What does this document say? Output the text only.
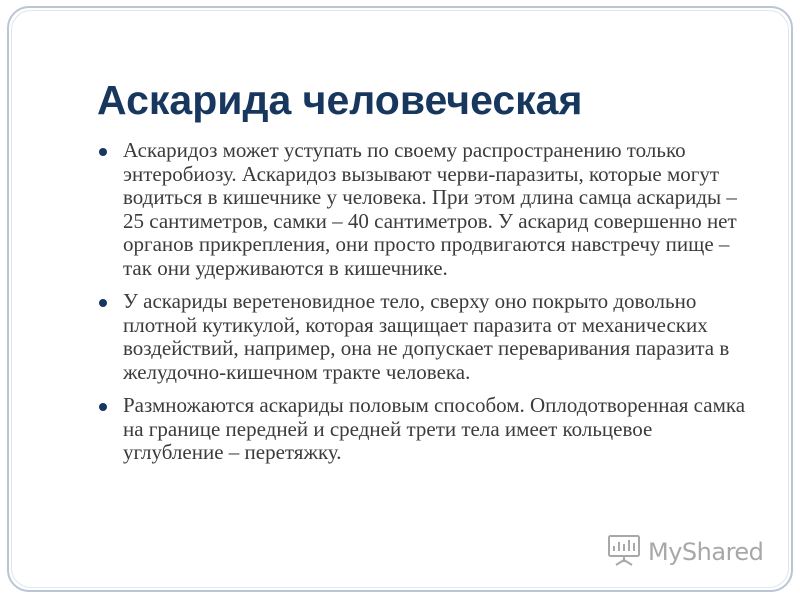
Аскарида человеческая
Аскаридоз может уступать по своему распространению только энтеробиозу. Аскаридоз вызывают черви-паразиты, которые могут водиться в кишечнике у человека. При этом длина самца аскариды – 25 сантиметров, самки – 40 сантиметров. У аскарид совершенно нет органов прикрепления, они просто продвигаются навстречу пище – так они удерживаются в кишечнике.
У аскариды веретеновидное тело, сверху оно покрыто довольно плотной кутикулой, которая защищает паразита от механических воздействий, например, она не допускает переваривания паразита в желудочно-кишечном тракте человека.
Размножаются аскариды половым способом. Оплодотворенная самка на границе передней и средней трети тела имеет кольцевое углубление – перетяжку.
MyShared
